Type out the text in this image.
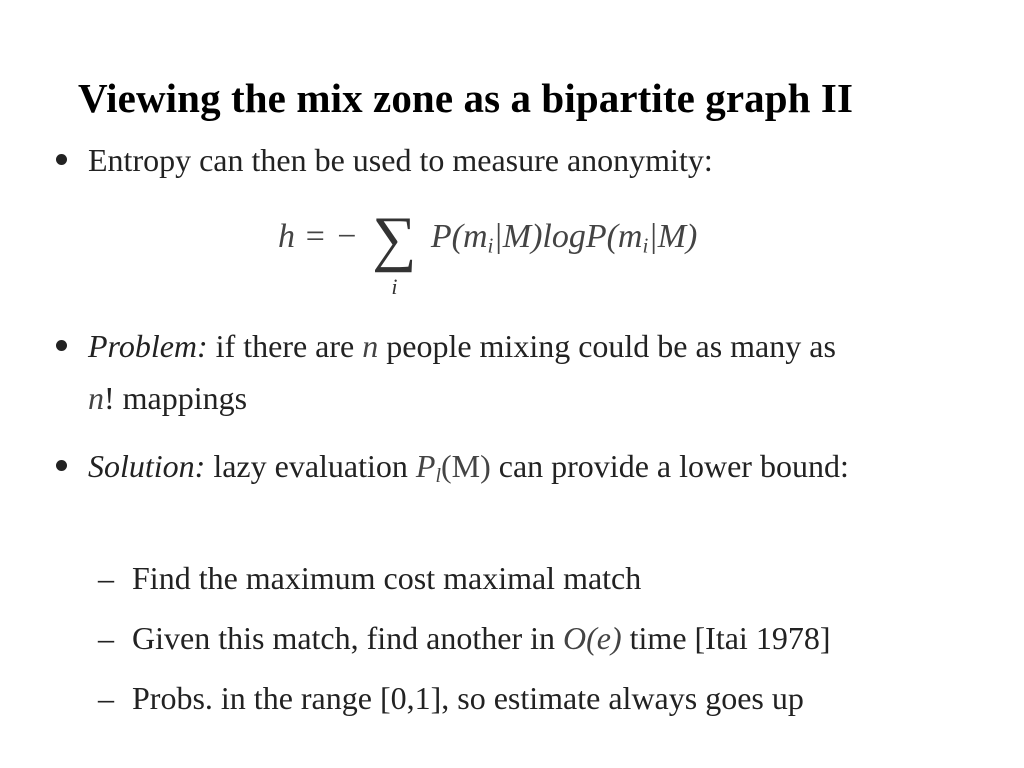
Viewing the mix zone as a bipartite graph II
Entropy can then be used to measure anonymity:
h = − ∑
i
$P(m_i|M)\log P(m_i|M)$
Problem: if there are n people mixing could be as many as
n! mappings
Solution: lazy evaluation $P_l(M)$ can provide a lower bound:
– Find the maximum cost maximal match
– Given this match, find another in O(e) time [Itai 1978]
– Probs. in the range [0,1], so estimate always goes up
